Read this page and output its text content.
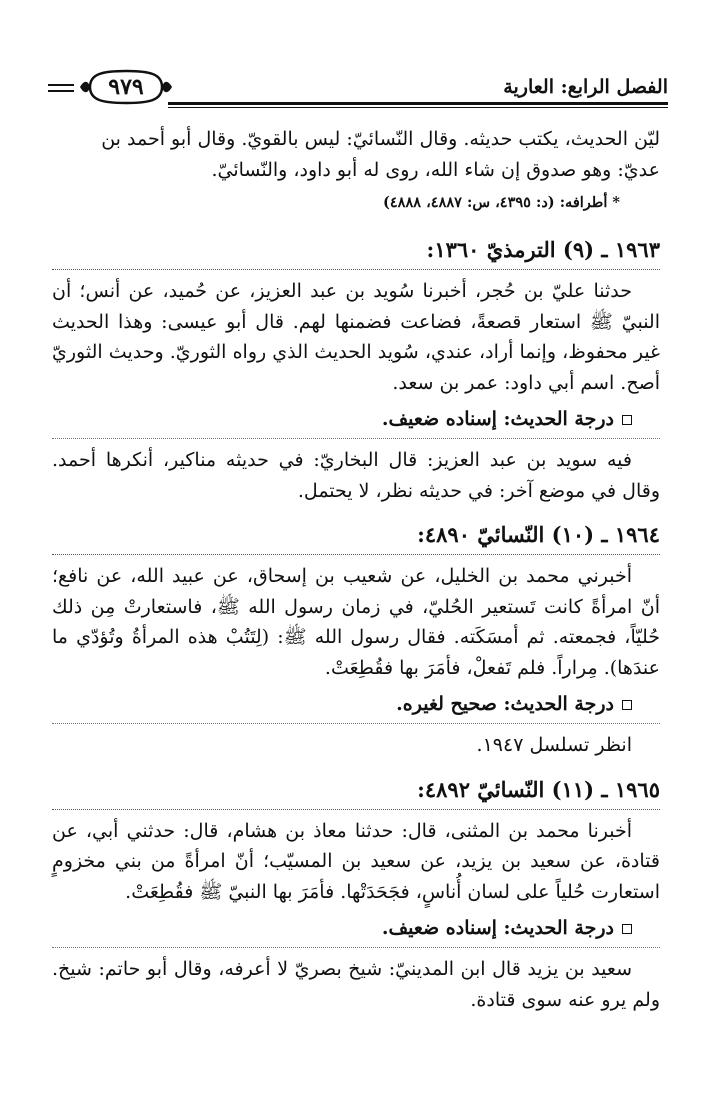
٩٧٩	الفصل الرابع: العارية

ليّن الحديث، يكتب حديثه. وقال النّسائيّ: ليس بالقويّ. وقال أبو أحمد بن

عديّ: وهو صدوق إن شاء الله، روى له أبو داود، والنّسائيّ.

* أطرافه: (د: ٤٣٩٥، س: ٤٨٨٧، ٤٨٨٨)

١٩٦٣ ـ (٩) الترمذيّ ١٣٦٠:

حدثنا عليّ بن حُجر، أخبرنا سُويد بن عبد العزيز، عن حُميد، عن أنس؛ أن النبيّ ﷺ استعار قصعةً، فضاعت فضمنها لهم. قال أبو عيسى: وهذا الحديث غير محفوظ، وإنما أراد، عندي، سُويد الحديث الذي رواه الثوريّ. وحديث الثوريّ أصح. اسم أبي داود: عمر بن سعد.

درجة الحديث: إسناده ضعيف.

فيه سويد بن عبد العزيز: قال البخاريّ: في حديثه مناكير، أنكرها أحمد. وقال في موضع آخر: في حديثه نظر، لا يحتمل.

١٩٦٤ ـ (١٠) النّسائيّ ٤٨٩٠:

أخبرني محمد بن الخليل، عن شعيب بن إسحاق، عن عبيد الله، عن نافع؛ أنّ امرأةً كانت تَستعير الحُليّ، في زمان رسول الله ﷺ، فاستعارتْ مِن ذلك حُليّاً، فجمعته. ثم أمسَكَته. فقال رسول الله ﷺ: (لِتَتُبْ هذه المرأةُ وتُؤدّي ما عندَها). مِراراً. فلم تَفعلْ، فأمَرَ بها فقُطِعَتْ.

درجة الحديث: صحيح لغيره.

انظر تسلسل ١٩٤٧.

١٩٦٥ ـ (١١) النّسائيّ ٤٨٩٢:

أخبرنا محمد بن المثنى، قال: حدثنا معاذ بن هشام، قال: حدثني أبي، عن قتادة، عن سعيد بن يزيد، عن سعيد بن المسيّب؛ أنّ امرأةً من بني مخزومٍ استعارت حُلياً على لسان أُناسٍ، فجَحَدَتْها. فأمَرَ بها النبيّ ﷺ فقُطِعَتْ.

درجة الحديث: إسناده ضعيف.

سعيد بن يزيد قال ابن المدينيّ: شيخ بصريّ لا أعرفه، وقال أبو حاتم: شيخ. ولم يرو عنه سوى قتادة.
